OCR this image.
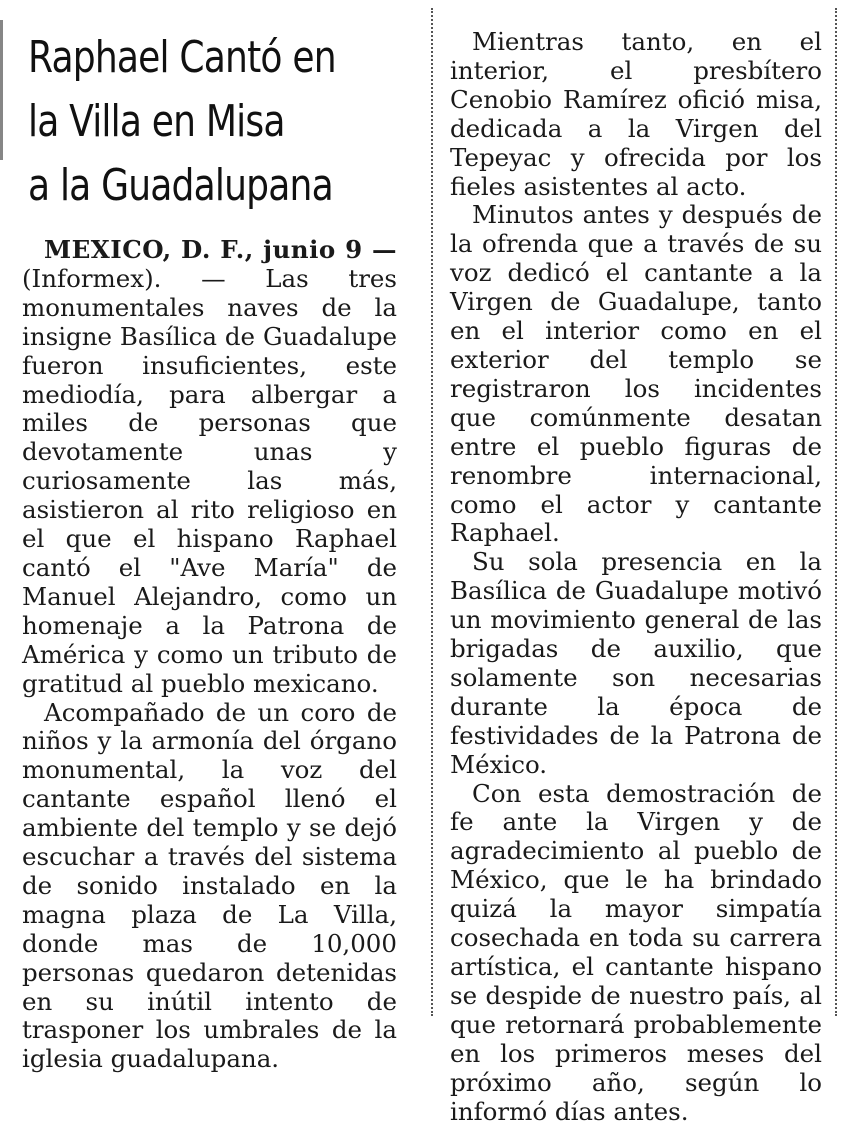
Raphael Cantó en
la Villa en Misa
a la Guadalupana

MEXICO, D. F., junio 9 — (Informex). — Las tres monumentales naves de la insigne Basílica de Guadalupe fueron insuficientes, este mediodía, para albergar a miles de personas que devotamente unas y curiosamente las más, asistieron al rito religioso en el que el hispano Raphael cantó el "Ave María" de Manuel Alejandro, como un homenaje a la Patrona de América y como un tributo de gratitud al pueblo mexicano.

Acompañado de un coro de niños y la armonía del órgano monumental, la voz del cantante español llenó el ambiente del templo y se dejó escuchar a través del sistema de sonido instalado en la magna plaza de La Villa, donde mas de 10,000 personas quedaron detenidas en su inútil intento de trasponer los umbrales de la iglesia guadalupana.

Mientras tanto, en el interior, el presbítero Cenobio Ramírez ofició misa, dedicada a la Virgen del Tepeyac y ofrecida por los fieles asistentes al acto.

Minutos antes y después de la ofrenda que a través de su voz dedicó el cantante a la Virgen de Guadalupe, tanto en el interior como en el exterior del templo se registraron los incidentes que comúnmente desatan entre el pueblo figuras de renombre internacional, como el actor y cantante Raphael.

Su sola presencia en la Basílica de Guadalupe motivó un movimiento general de las brigadas de auxilio, que solamente son necesarias durante la época de festividades de la Patrona de México.

Con esta demostración de fe ante la Virgen y de agradecimiento al pueblo de México, que le ha brindado quizá la mayor simpatía cosechada en toda su carrera artística, el cantante hispano se despide de nuestro país, al que retornará probablemente en los primeros meses del próximo año, según lo informó días antes.
